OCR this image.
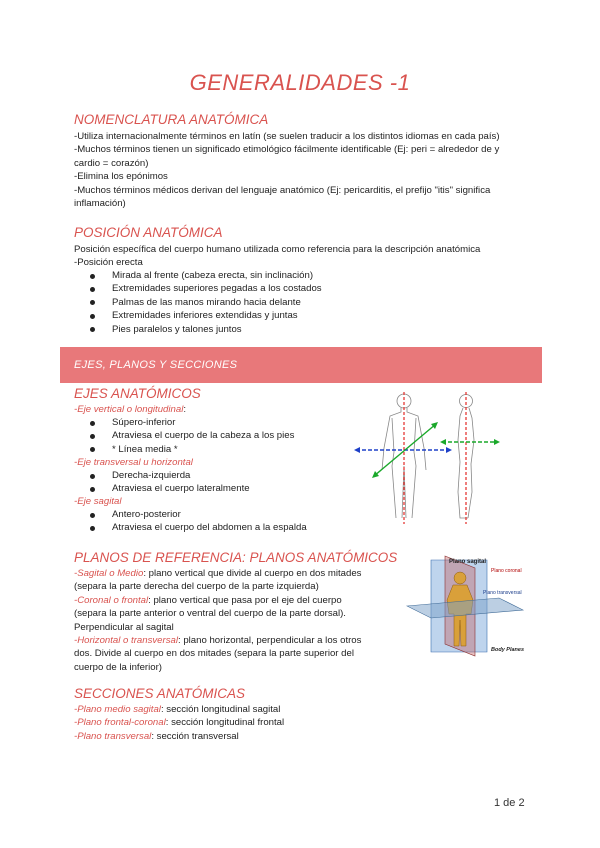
GENERALIDADES -1
NOMENCLATURA ANATÓMICA
-Utiliza internacionalmente términos en latín (se suelen traducir a los distintos idiomas en cada país)
-Muchos términos tienen un significado etimológico fácilmente identificable (Ej: peri = alrededor de y
cardio = corazón)
-Elimina los epónimos
-Muchos términos médicos derivan del lenguaje anatómico (Ej: pericarditis, el prefijo "itis" significa
inflamación)
POSICIÓN ANATÓMICA
Posición específica del cuerpo humano utilizada como referencia para la descripción anatómica
-Posición erecta
Mirada al frente (cabeza erecta, sin inclinación)
Extremidades superiores pegadas a los costados
Palmas de las manos mirando hacia delante
Extremidades inferiores extendidas y juntas
Pies paralelos y talones juntos
EJES, PLANOS Y SECCIONES
EJES ANATÓMICOS
-Eje vertical o longitudinal:
Súpero-inferior
Atraviesa el cuerpo de la cabeza a los pies
* Línea media *
-Eje transversal u horizontal
Derecha-izquierda
Atraviesa el cuerpo lateralmente
-Eje sagital
Antero-posterior
Atraviesa el cuerpo del abdomen a la espalda
PLANOS DE REFERENCIA: PLANOS ANATÓMICOS
-Sagital o Medio: plano vertical que divide al cuerpo en dos mitades
(separa la parte derecha del cuerpo de la parte izquierda)
-Coronal o frontal: plano vertical que pasa por el eje del cuerpo
(separa la parte anterior o ventral del cuerpo de la parte dorsal).
Perpendicular al sagital
-Horizontal o transversal: plano horizontal, perpendicular a los otros
dos. Divide al cuerpo en dos mitades (separa la parte superior del
cuerpo de la inferior)
Plano sagital
Plano coronal
Plano transversal
Body Planes
SECCIONES ANATÓMICAS
-Plano medio sagital: sección longitudinal sagital
-Plano frontal-coronal: sección longitudinal frontal
-Plano transversal: sección transversal
1 de 2
